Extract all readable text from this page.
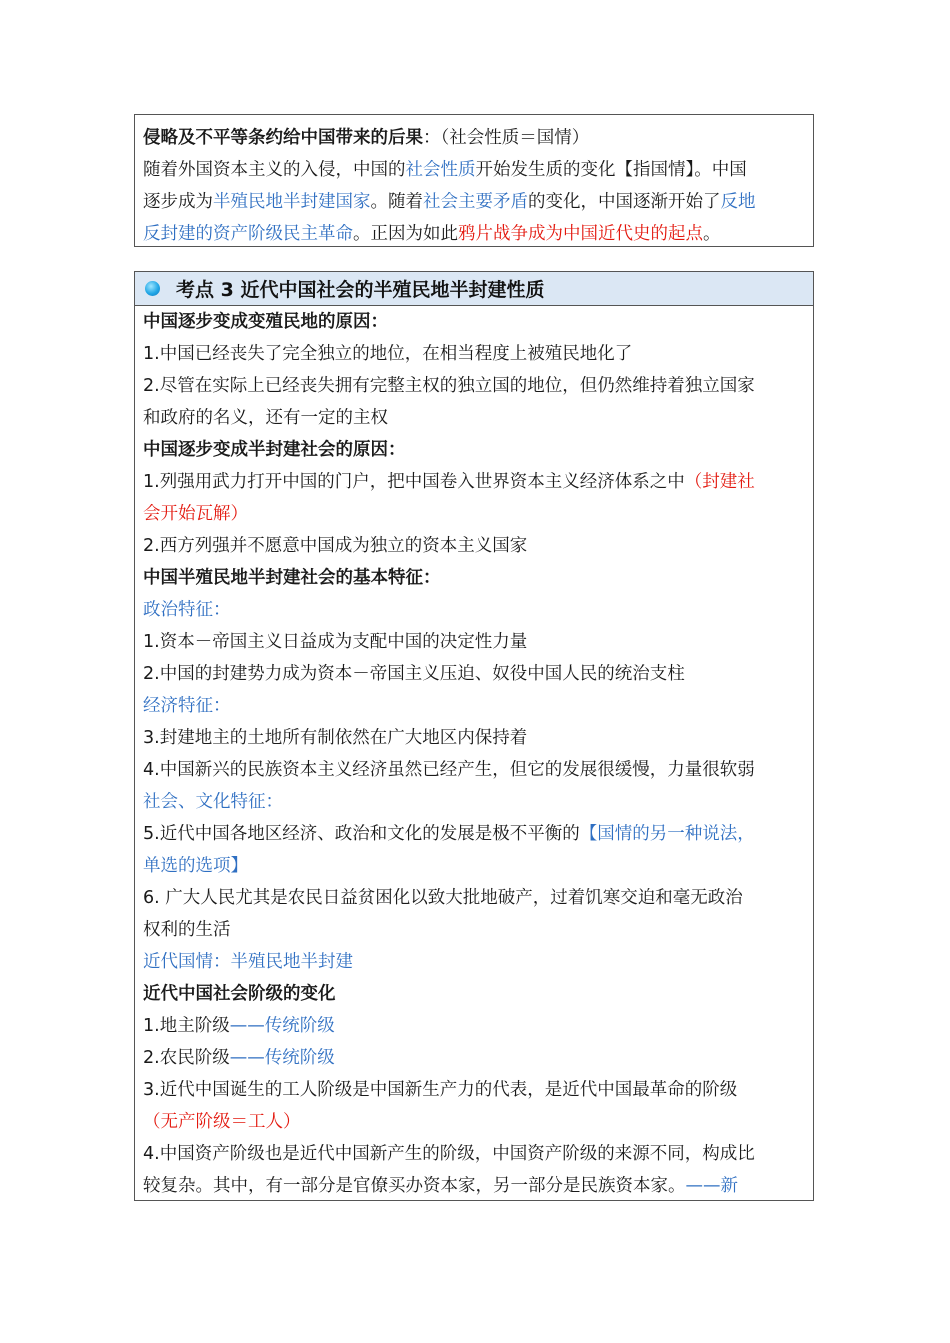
侵略及不平等条约给中国带来的后果：（社会性质＝国情）
随着外国资本主义的入侵，中国的社会性质开始发生质的变化【指国情】。中国
逐步成为半殖民地半封建国家。随着社会主要矛盾的变化，中国逐渐开始了反地
反封建的资产阶级民主革命。正因为如此鸦片战争成为中国近代史的起点。
考点 3 近代中国社会的半殖民地半封建性质
中国逐步变成变殖民地的原因：
1.中国已经丧失了完全独立的地位，在相当程度上被殖民地化了
2.尽管在实际上已经丧失拥有完整主权的独立国的地位，但仍然维持着独立国家
和政府的名义，还有一定的主权
中国逐步变成半封建社会的原因：
1.列强用武力打开中国的门户，把中国卷入世界资本主义经济体系之中（封建社
会开始瓦解）
2.西方列强并不愿意中国成为独立的资本主义国家
中国半殖民地半封建社会的基本特征：
政治特征：
1.资本－帝国主义日益成为支配中国的决定性力量
2.中国的封建势力成为资本－帝国主义压迫、奴役中国人民的统治支柱
经济特征：
3.封建地主的土地所有制依然在广大地区内保持着
4.中国新兴的民族资本主义经济虽然已经产生，但它的发展很缓慢，力量很软弱
社会、文化特征：
5.近代中国各地区经济、政治和文化的发展是极不平衡的【国情的另一种说法，
单选的选项】
6. 广大人民尤其是农民日益贫困化以致大批地破产，过着饥寒交迫和毫无政治
权利的生活
近代国情：半殖民地半封建
近代中国社会阶级的变化
1.地主阶级——传统阶级
2.农民阶级——传统阶级
3.近代中国诞生的工人阶级是中国新生产力的代表，是近代中国最革命的阶级
（无产阶级＝工人）
4.中国资产阶级也是近代中国新产生的阶级，中国资产阶级的来源不同，构成比
较复杂。其中，有一部分是官僚买办资本家，另一部分是民族资本家。——新
